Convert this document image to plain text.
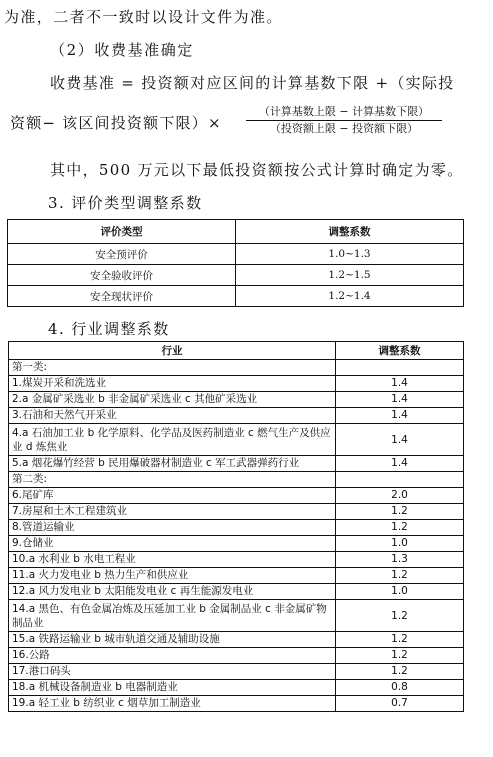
为准，二者不一致时以设计文件为准。
（2）收费基准确定
收费基准 = 投资额对应区间的计算基数下限 +（实际投
资额− 该区间投资额下限）×
（计算基数上限 − 计算基数下限）
（投资额上限 − 投资额下限）
其中，500 万元以下最低投资额按公式计算时确定为零。
3. 评价类型调整系数
评价类型	调整系数
安全预评价	1.0~1.3
安全验收评价	1.2~1.5
安全现状评价	1.2~1.4
4. 行业调整系数
行业	调整系数
第一类:	
1.煤炭开采和洗选业	1.4
2.a 金属矿采选业 b 非金属矿采选业 c 其他矿采选业	1.4
3.石油和天然气开采业	1.4
4.a 石油加工业 b 化学原料、化学品及医药制造业 c 燃气生产及供应业 d 炼焦业	1.4
5.a 烟花爆竹经营 b 民用爆破器材制造业 c 军工武器弹药行业	1.4
第二类:	
6.尾矿库	2.0
7.房屋和土木工程建筑业	1.2
8.管道运输业	1.2
9.仓储业	1.0
10.a 水利业 b 水电工程业	1.3
11.a 火力发电业 b 热力生产和供应业	1.2
12.a 风力发电业 b 太阳能发电业 c 再生能源发电业	1.0
14.a 黑色、有色金属冶炼及压延加工业 b 金属制品业 c 非金属矿物制品业	1.2
15.a 铁路运输业 b 城市轨道交通及辅助设施	1.2
16.公路	1.2
17.港口码头	1.2
18.a 机械设备制造业 b 电器制造业	0.8
19.a 轻工业 b 纺织业 c 烟草加工制造业	0.7
